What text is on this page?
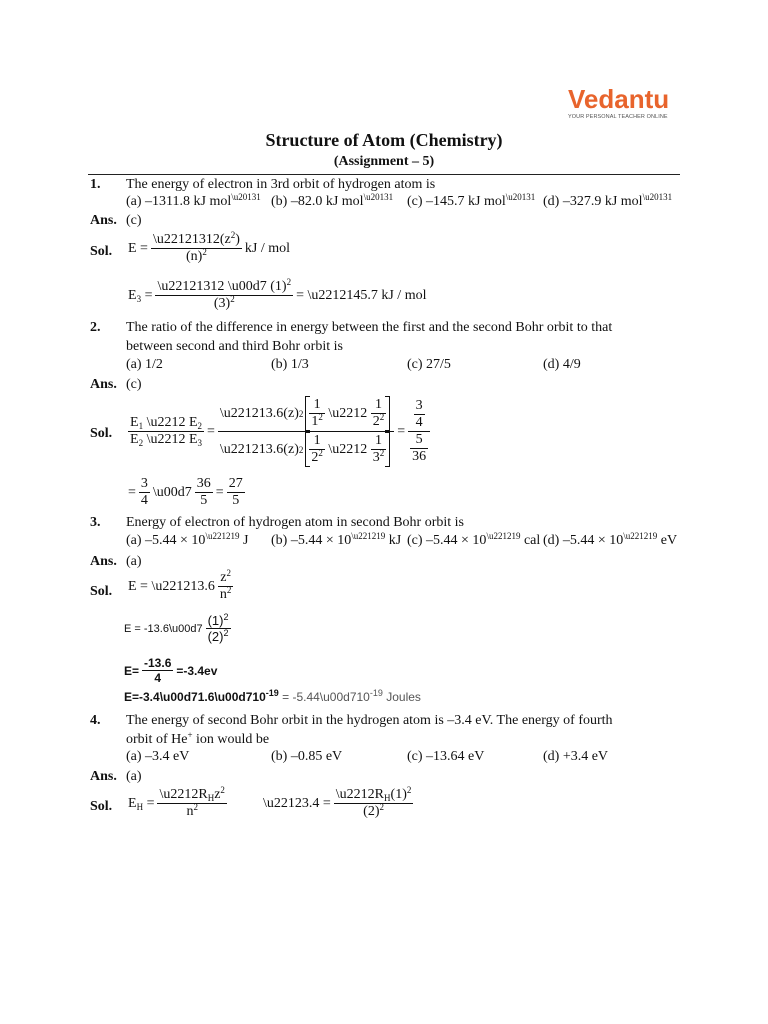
Vedantu
YOUR PERSONAL TEACHER ONLINE
Structure of Atom (Chemistry)
(Assignment – 5)
1. The energy of electron in 3rd orbit of hydrogen atom is
(a) –1311.8 kJ mol$^{\backslash u20131}$ (b) –82.0 kJ mol$^{\backslash u20131}$ (c) –145.7 kJ mol$^{\backslash u20131}$ (d) –327.9 kJ mol$^{\backslash u20131}$
Ans. (c)
Sol. $E = \frac{\backslash u22121312(z^2)}{(n)^2}$ kJ / mol
$E_3 = \frac{\backslash u22121312 \backslash u00d7 (1)^2}{(3)^2}$ = \u2212145.7 kJ / mol
2. The ratio of the difference in energy between the first and the second Bohr orbit to that
between second and third Bohr orbit is
(a) 1/2	(b) 1/3	(c) 27/5	(d) 4/9
Ans. (c)
Sol. $\frac{E_1 \backslash u2212 E_2}{E_2 \backslash u2212 E_3} = \frac{\backslash u221213.6(z) 2 \frac{1}{1^2} \backslash u2212 \frac{1}{2^2}}{\backslash u221213.6(z) 2 \frac{1}{2^2} \backslash u2212 \frac{1}{3^2}} = \frac{\frac{3}{4}}{\frac{5}{36}}$
= $\frac{3}{4}$ \u00d7 $\frac{36}{5} = \frac{27}{5}$
3. Energy of electron of hydrogen atom in second Bohr orbit is
(a) $-5.44 \times 10^{\backslash u221219}$ J (b) $-5.44 \times 10^{\backslash u221219}$ kJ (c) $-5.44 \times 10^{\backslash u221219}$ cal (d) $-5.44 \times 10^{\backslash u221219}$ eV
Ans. (a)
Sol. E = \u221213.6 $\frac{z^2}{n^2}$
E = -13.6\u00d7 $\frac{(1)^2}{(2)^2}$
$E= \frac{-13.6}{4} =-3.4ev$
$E=-3.4\backslash u00d71.6\backslash u00d710^{-19}$ = $-5.44\backslash u00d710^{-19}$ Joules
4. The energy of second Bohr orbit in the hydrogen atom is –3.4 eV. The energy of fourth
orbit of He+ ion would be
(a) –3.4 eV	(b) –0.85 eV	(c) –13.64 eV	(d) +3.4 eV
Ans. (a)
Sol. $E_H = \frac{\backslash u2212R_Hz^2}{n^2}$	\u22123.4 = $\frac{\backslash u2212R_H(1)^2}{(2)^2}$
